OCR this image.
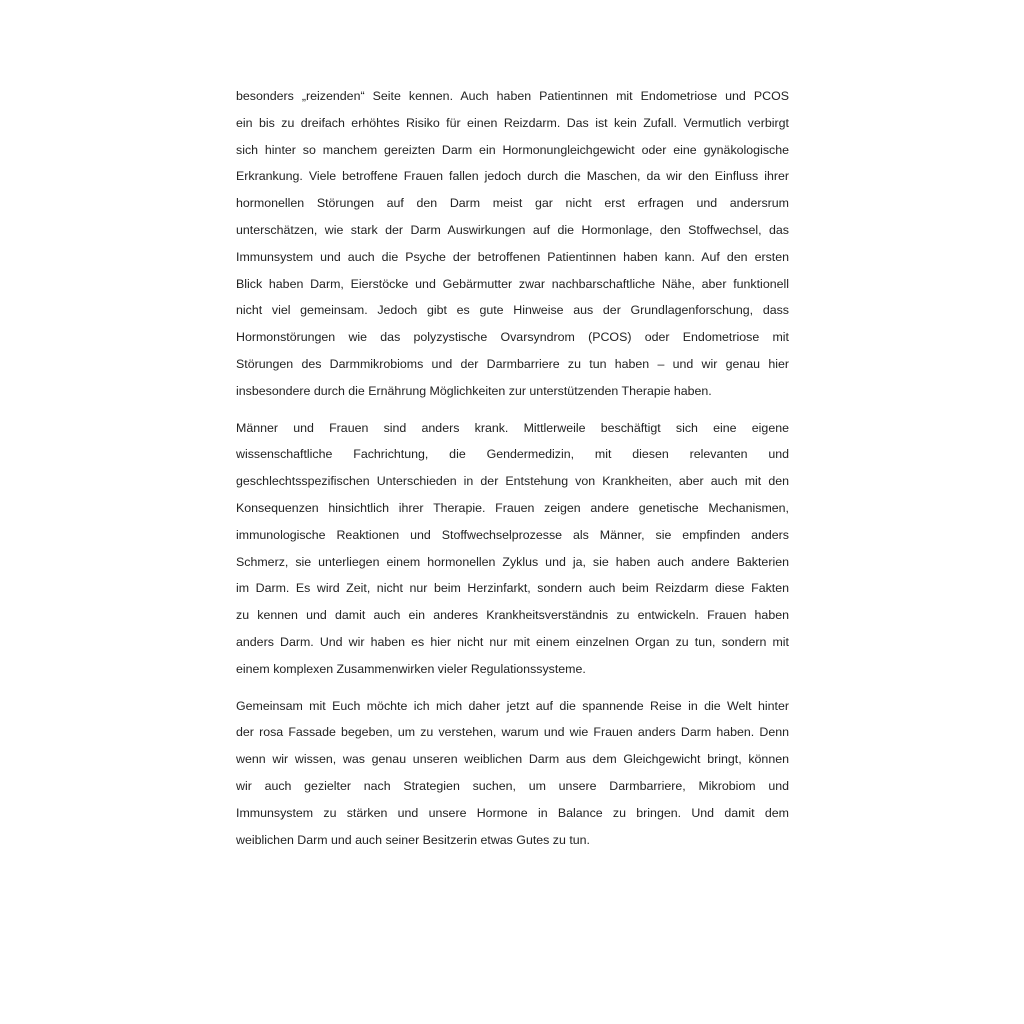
besonders „reizenden“ Seite kennen. Auch haben Patientinnen mit Endometriose und PCOS
ein bis zu dreifach erhöhtes Risiko für einen Reizdarm. Das ist kein Zufall. Vermutlich verbirgt
sich hinter so manchem gereizten Darm ein Hormonungleichgewicht oder eine gynäkologische
Erkrankung. Viele betroffene Frauen fallen jedoch durch die Maschen, da wir den Einfluss ihrer
hormonellen Störungen auf den Darm meist gar nicht erst erfragen und andersrum
unterschätzen, wie stark der Darm Auswirkungen auf die Hormonlage, den Stoffwechsel, das
Immunsystem und auch die Psyche der betroffenen Patientinnen haben kann. Auf den ersten
Blick haben Darm, Eierstöcke und Gebärmutter zwar nachbarschaftliche Nähe, aber funktionell
nicht viel gemeinsam. Jedoch gibt es gute Hinweise aus der Grundlagenforschung, dass
Hormonstörungen wie das polyzystische Ovarsyndrom (PCOS) oder Endometriose mit
Störungen des Darmmikrobioms und der Darmbarriere zu tun haben – und wir genau hier
insbesondere durch die Ernährung Möglichkeiten zur unterstützenden Therapie haben.

Männer und Frauen sind anders krank. Mittlerweile beschäftigt sich eine eigene
wissenschaftliche Fachrichtung, die Gendermedizin, mit diesen relevanten und
geschlechtsspezifischen Unterschieden in der Entstehung von Krankheiten, aber auch mit den
Konsequenzen hinsichtlich ihrer Therapie. Frauen zeigen andere genetische Mechanismen,
immunologische Reaktionen und Stoffwechselprozesse als Männer, sie empfinden anders
Schmerz, sie unterliegen einem hormonellen Zyklus und ja, sie haben auch andere Bakterien
im Darm. Es wird Zeit, nicht nur beim Herzinfarkt, sondern auch beim Reizdarm diese Fakten
zu kennen und damit auch ein anderes Krankheitsverständnis zu entwickeln. Frauen haben
anders Darm. Und wir haben es hier nicht nur mit einem einzelnen Organ zu tun, sondern mit
einem komplexen Zusammenwirken vieler Regulationssysteme.

Gemeinsam mit Euch möchte ich mich daher jetzt auf die spannende Reise in die Welt hinter
der rosa Fassade begeben, um zu verstehen, warum und wie Frauen anders Darm haben. Denn
wenn wir wissen, was genau unseren weiblichen Darm aus dem Gleichgewicht bringt, können
wir auch gezielter nach Strategien suchen, um unsere Darmbarriere, Mikrobiom und
Immunsystem zu stärken und unsere Hormone in Balance zu bringen. Und damit dem
weiblichen Darm und auch seiner Besitzerin etwas Gutes zu tun.
